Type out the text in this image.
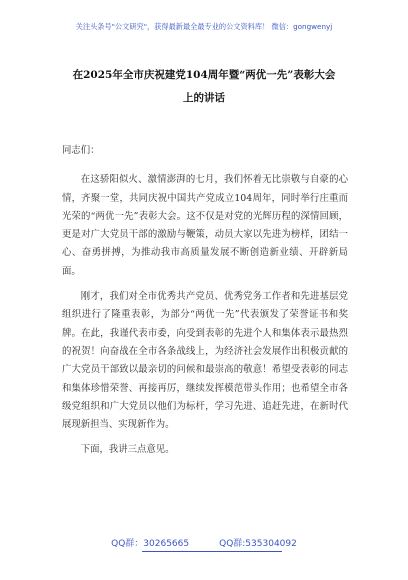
关注头条号"公文研究"，获得最新最全最专业的公文资料库！ 微信：gongwenyj
在2025年全市庆祝建党104周年暨“两优一先”表彰大会
上的讲话

同志们：

在这骄阳似火、激情澎湃的七月，我们怀着无比崇敬与自豪的心情，齐聚一堂，共同庆祝中国共产党成立104周年，同时举行庄重而光荣的“两优一先”表彰大会。这不仅是对党的光辉历程的深情回顾，更是对广大党员干部的激励与鞭策，动员大家以先进为榜样，团结一心、奋勇拼搏，为推动我市高质量发展不断创造新业绩、开辟新局面。

刚才，我们对全市优秀共产党员、优秀党务工作者和先进基层党组织进行了隆重表彰，为部分“两优一先”代表颁发了荣誉证书和奖牌。在此，我谨代表市委，向受到表彰的先进个人和集体表示最热烈的祝贺！向奋战在全市各条战线上，为经济社会发展作出积极贡献的广大党员干部致以最亲切的问候和最崇高的敬意！希望受表彰的同志和集体珍惜荣誉、再接再厉，继续发挥模范带头作用；也希望全市各级党组织和广大党员以他们为标杆，学习先进、追赶先进，在新时代展现新担当、实现新作为。

下面，我讲三点意见。

QQ群：30265665	QQ群:535304092
